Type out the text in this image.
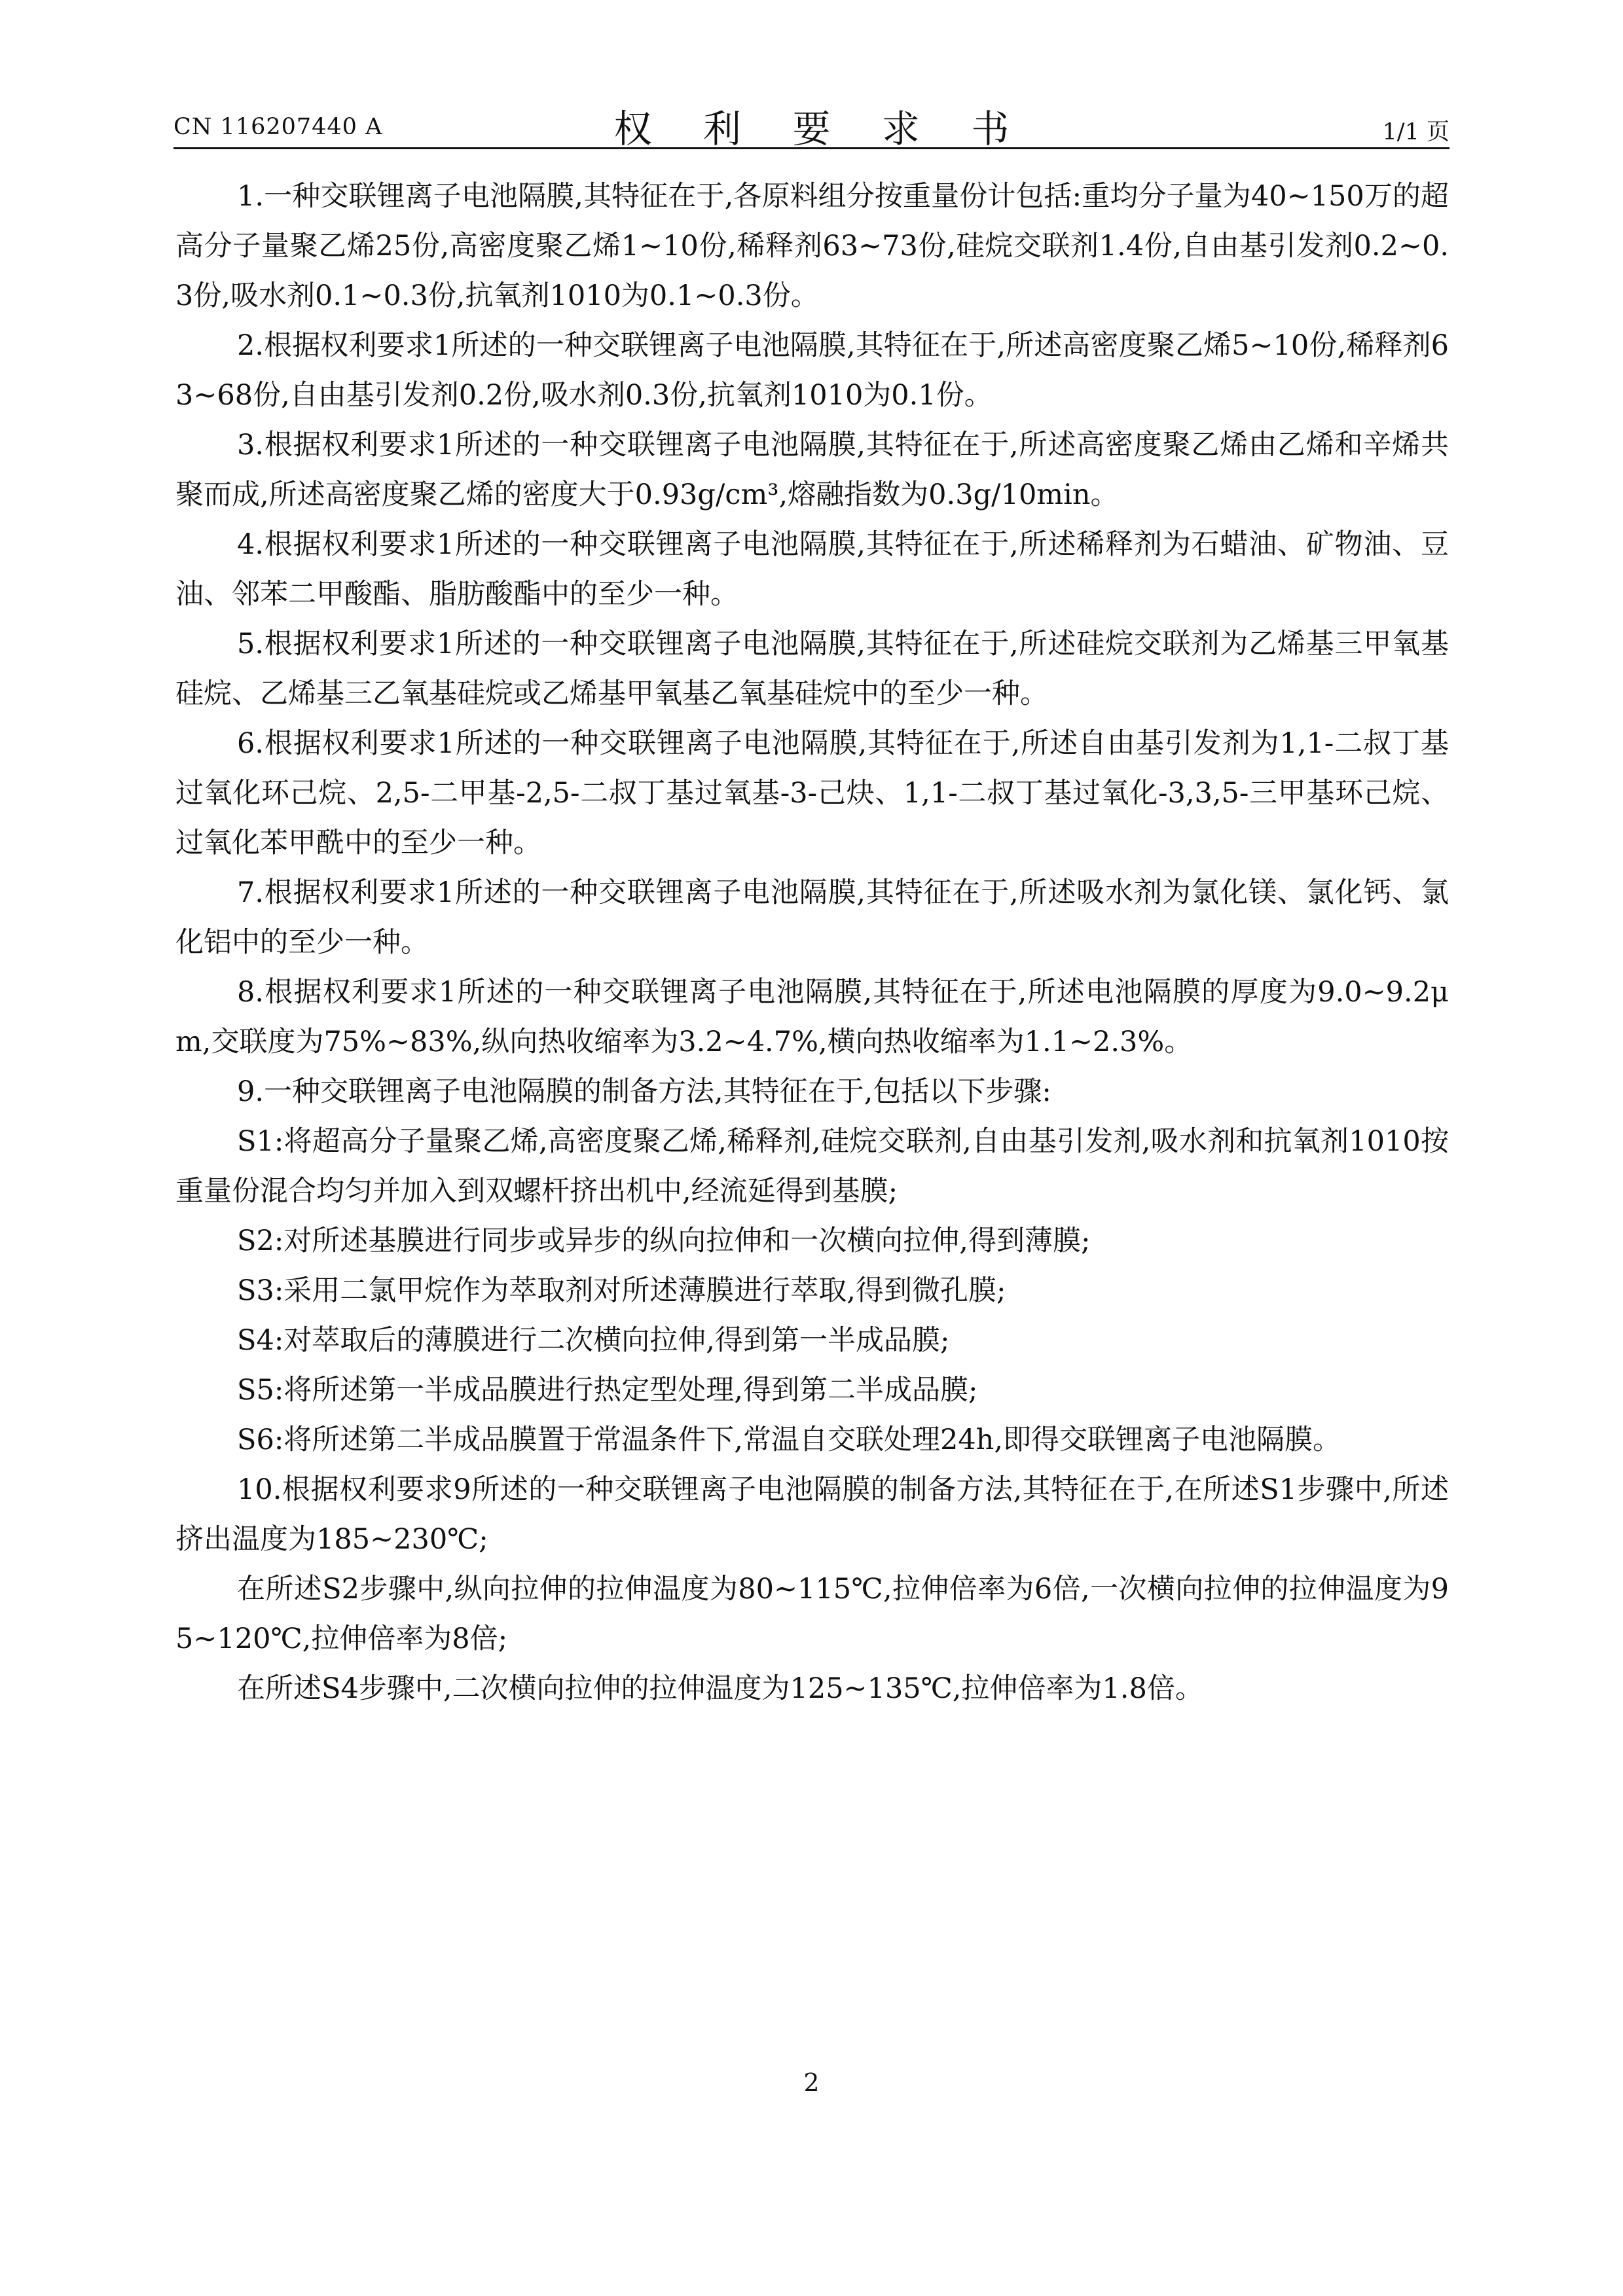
CN 116207440 A	权 利 要 求 书	1/1 页

1.一种交联锂离子电池隔膜,其特征在于,各原料组分按重量份计包括:重均分子量为40~150万的超高分子量聚乙烯25份,高密度聚乙烯1~10份,稀释剂63~73份,硅烷交联剂1.4份,自由基引发剂0.2~0.3份,吸水剂0.1~0.3份,抗氧剂1010为0.1~0.3份。

2.根据权利要求1所述的一种交联锂离子电池隔膜,其特征在于,所述高密度聚乙烯5~10份,稀释剂63~68份,自由基引发剂0.2份,吸水剂0.3份,抗氧剂1010为0.1份。

3.根据权利要求1所述的一种交联锂离子电池隔膜,其特征在于,所述高密度聚乙烯由乙烯和辛烯共聚而成,所述高密度聚乙烯的密度大于0.93g/cm³,熔融指数为0.3g/10min。

4.根据权利要求1所述的一种交联锂离子电池隔膜,其特征在于,所述稀释剂为石蜡油、矿物油、豆油、邻苯二甲酸酯、脂肪酸酯中的至少一种。

5.根据权利要求1所述的一种交联锂离子电池隔膜,其特征在于,所述硅烷交联剂为乙烯基三甲氧基硅烷、乙烯基三乙氧基硅烷或乙烯基甲氧基乙氧基硅烷中的至少一种。

6.根据权利要求1所述的一种交联锂离子电池隔膜,其特征在于,所述自由基引发剂为1,1-二叔丁基过氧化环己烷、2,5-二甲基-2,5-二叔丁基过氧基-3-己炔、1,1-二叔丁基过氧化-3,3,5-三甲基环己烷、过氧化苯甲酰中的至少一种。

7.根据权利要求1所述的一种交联锂离子电池隔膜,其特征在于,所述吸水剂为氯化镁、氯化钙、氯化铝中的至少一种。

8.根据权利要求1所述的一种交联锂离子电池隔膜,其特征在于,所述电池隔膜的厚度为9.0~9.2μm,交联度为75%~83%,纵向热收缩率为3.2~4.7%,横向热收缩率为1.1~2.3%。

9.一种交联锂离子电池隔膜的制备方法,其特征在于,包括以下步骤:

S1:将超高分子量聚乙烯,高密度聚乙烯,稀释剂,硅烷交联剂,自由基引发剂,吸水剂和抗氧剂1010按重量份混合均匀并加入到双螺杆挤出机中,经流延得到基膜;

S2:对所述基膜进行同步或异步的纵向拉伸和一次横向拉伸,得到薄膜;

S3:采用二氯甲烷作为萃取剂对所述薄膜进行萃取,得到微孔膜;

S4:对萃取后的薄膜进行二次横向拉伸,得到第一半成品膜;

S5:将所述第一半成品膜进行热定型处理,得到第二半成品膜;

S6:将所述第二半成品膜置于常温条件下,常温自交联处理24h,即得交联锂离子电池隔膜。

10.根据权利要求9所述的一种交联锂离子电池隔膜的制备方法,其特征在于,在所述S1步骤中,所述挤出温度为185~230℃;

在所述S2步骤中,纵向拉伸的拉伸温度为80~115℃,拉伸倍率为6倍,一次横向拉伸的拉伸温度为95~120℃,拉伸倍率为8倍;

在所述S4步骤中,二次横向拉伸的拉伸温度为125~135℃,拉伸倍率为1.8倍。

2
